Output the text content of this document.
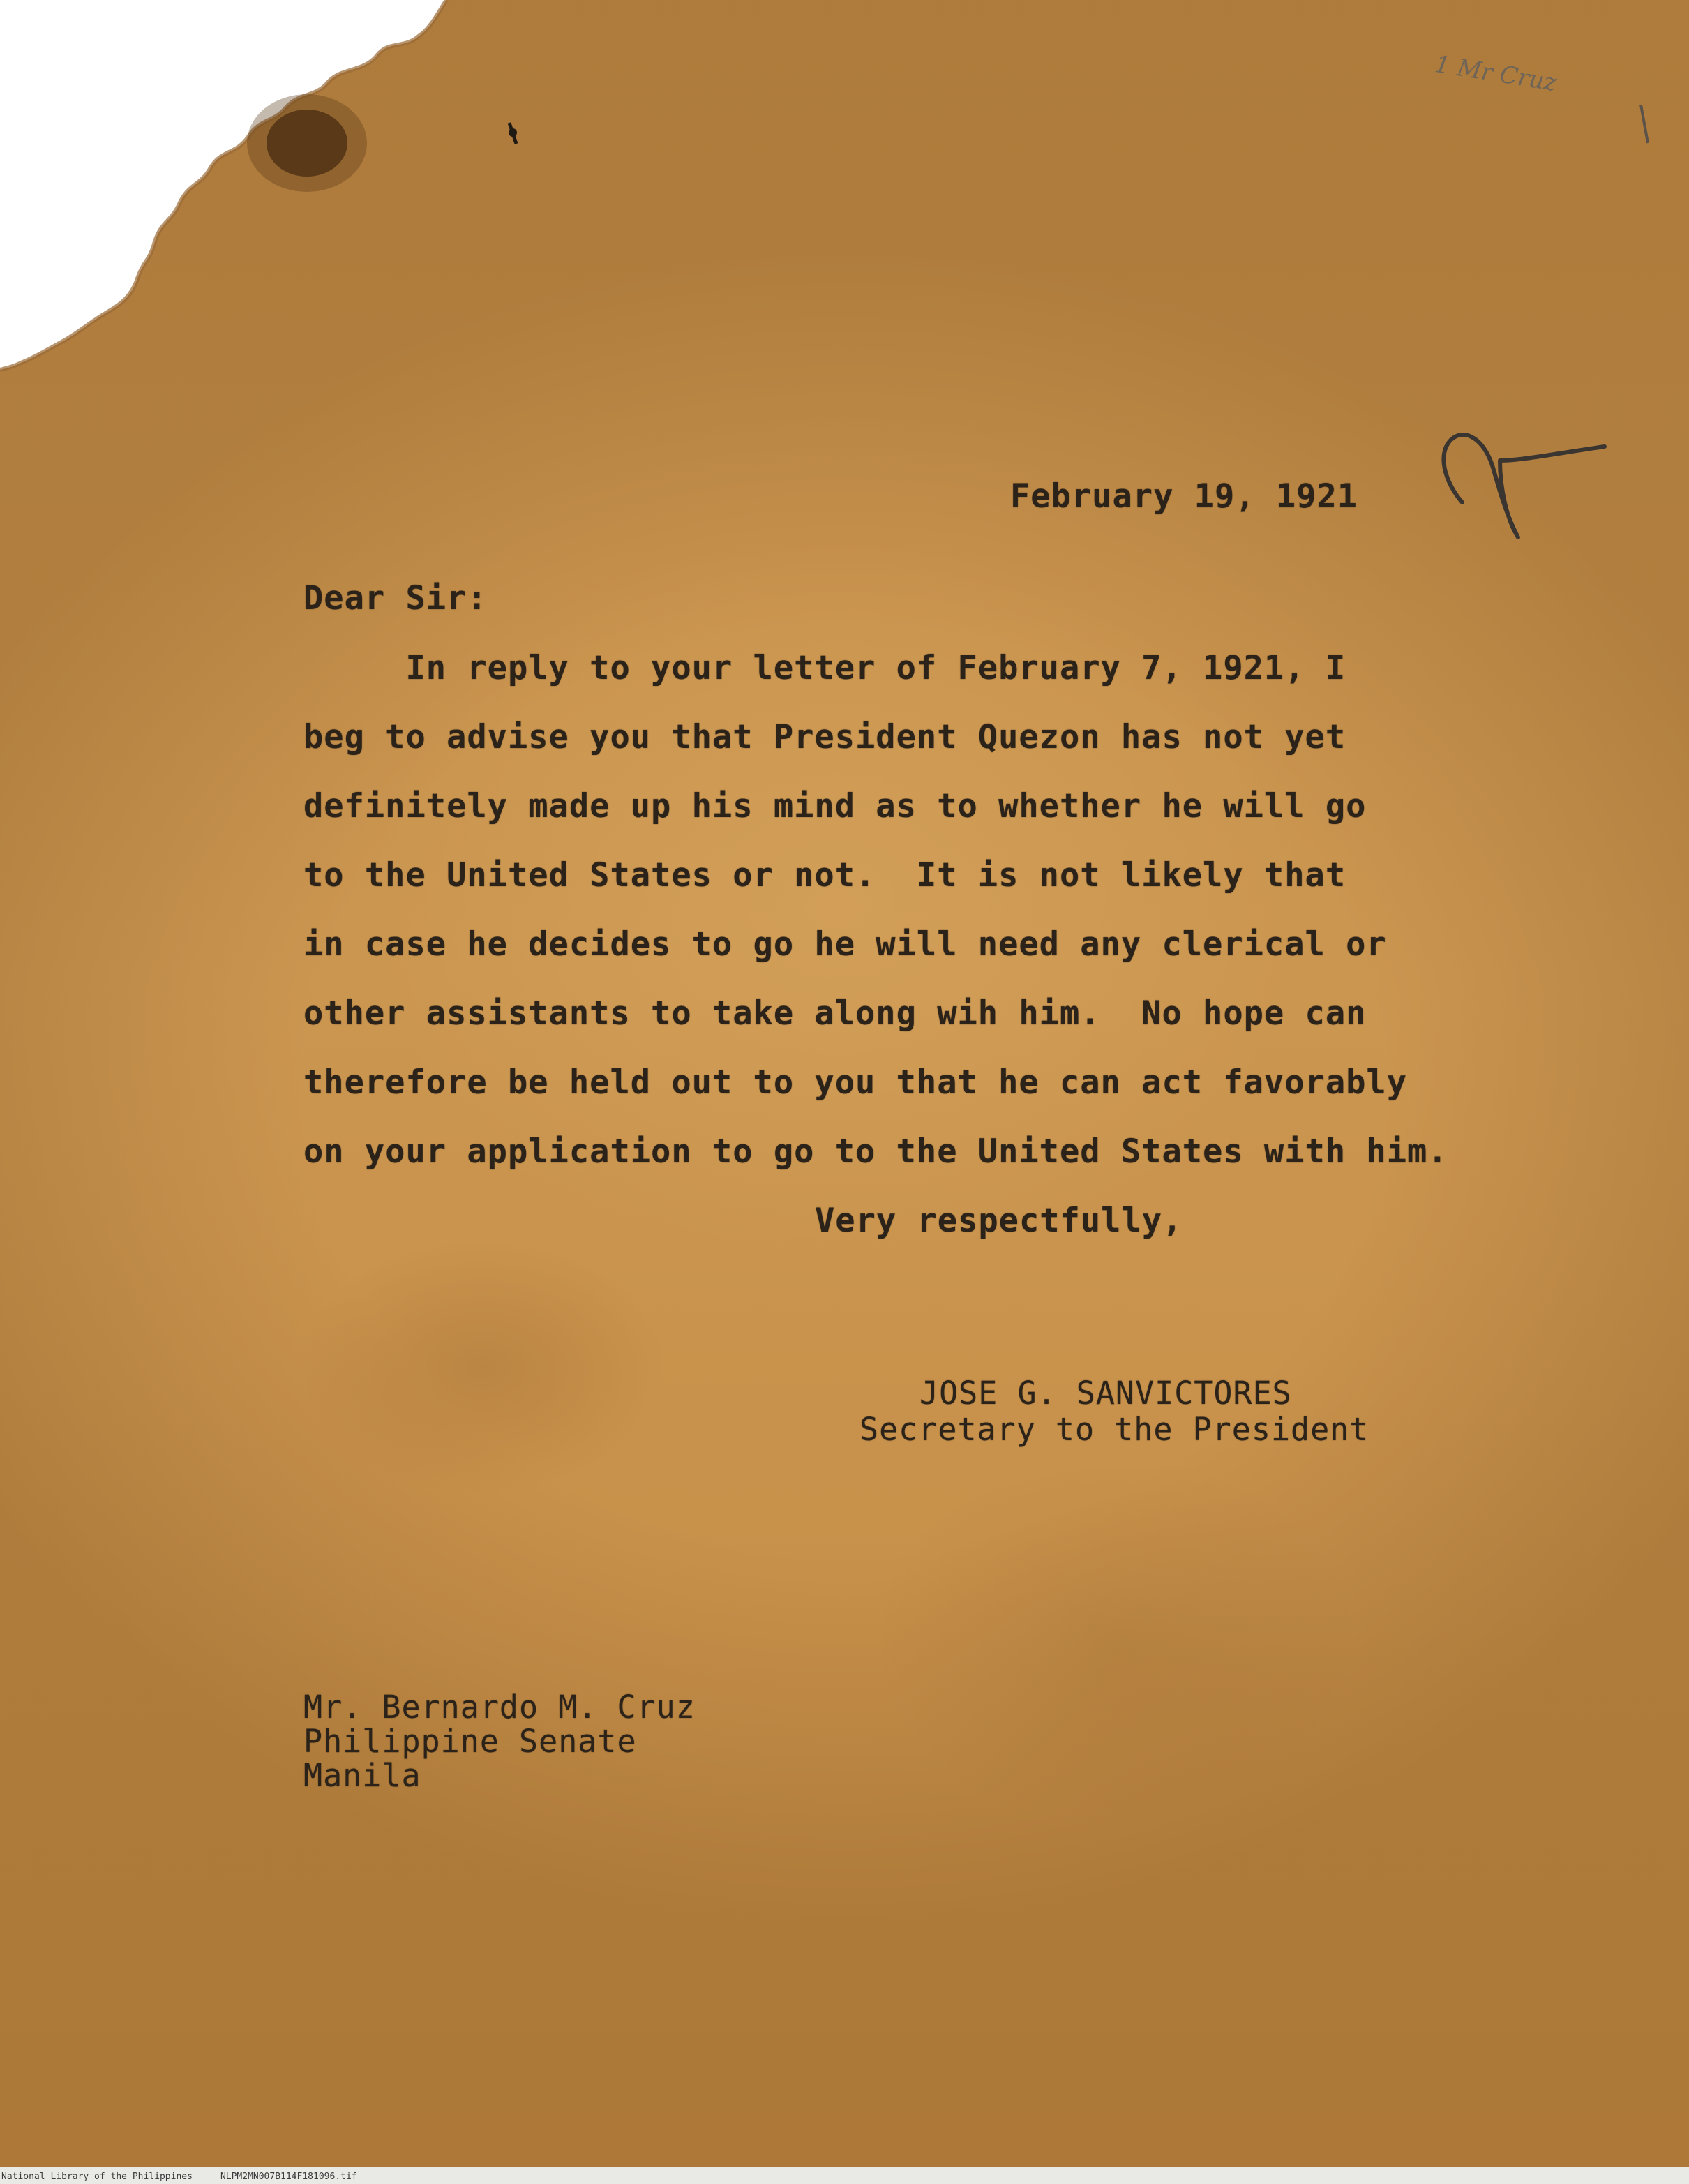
1 Mr Cruz
February 19, 1921
Dear Sir:
In reply to your letter of February 7, 1921, I
beg to advise you that President Quezon has not yet
definitely made up his mind as to whether he will go
to the United States or not.  It is not likely that
in case he decides to go he will need any clerical or
other assistants to take along wih him.  No hope can
therefore be held out to you that he can act favorably
on your application to go to the United States with him.
Very respectfully,
JOSE G. SANVICTORES
Secretary to the President
Mr. Bernardo M. Cruz
Philippine Senate
Manila
National Library of the Philippines	NLPM2MN007B114F181096.tif
